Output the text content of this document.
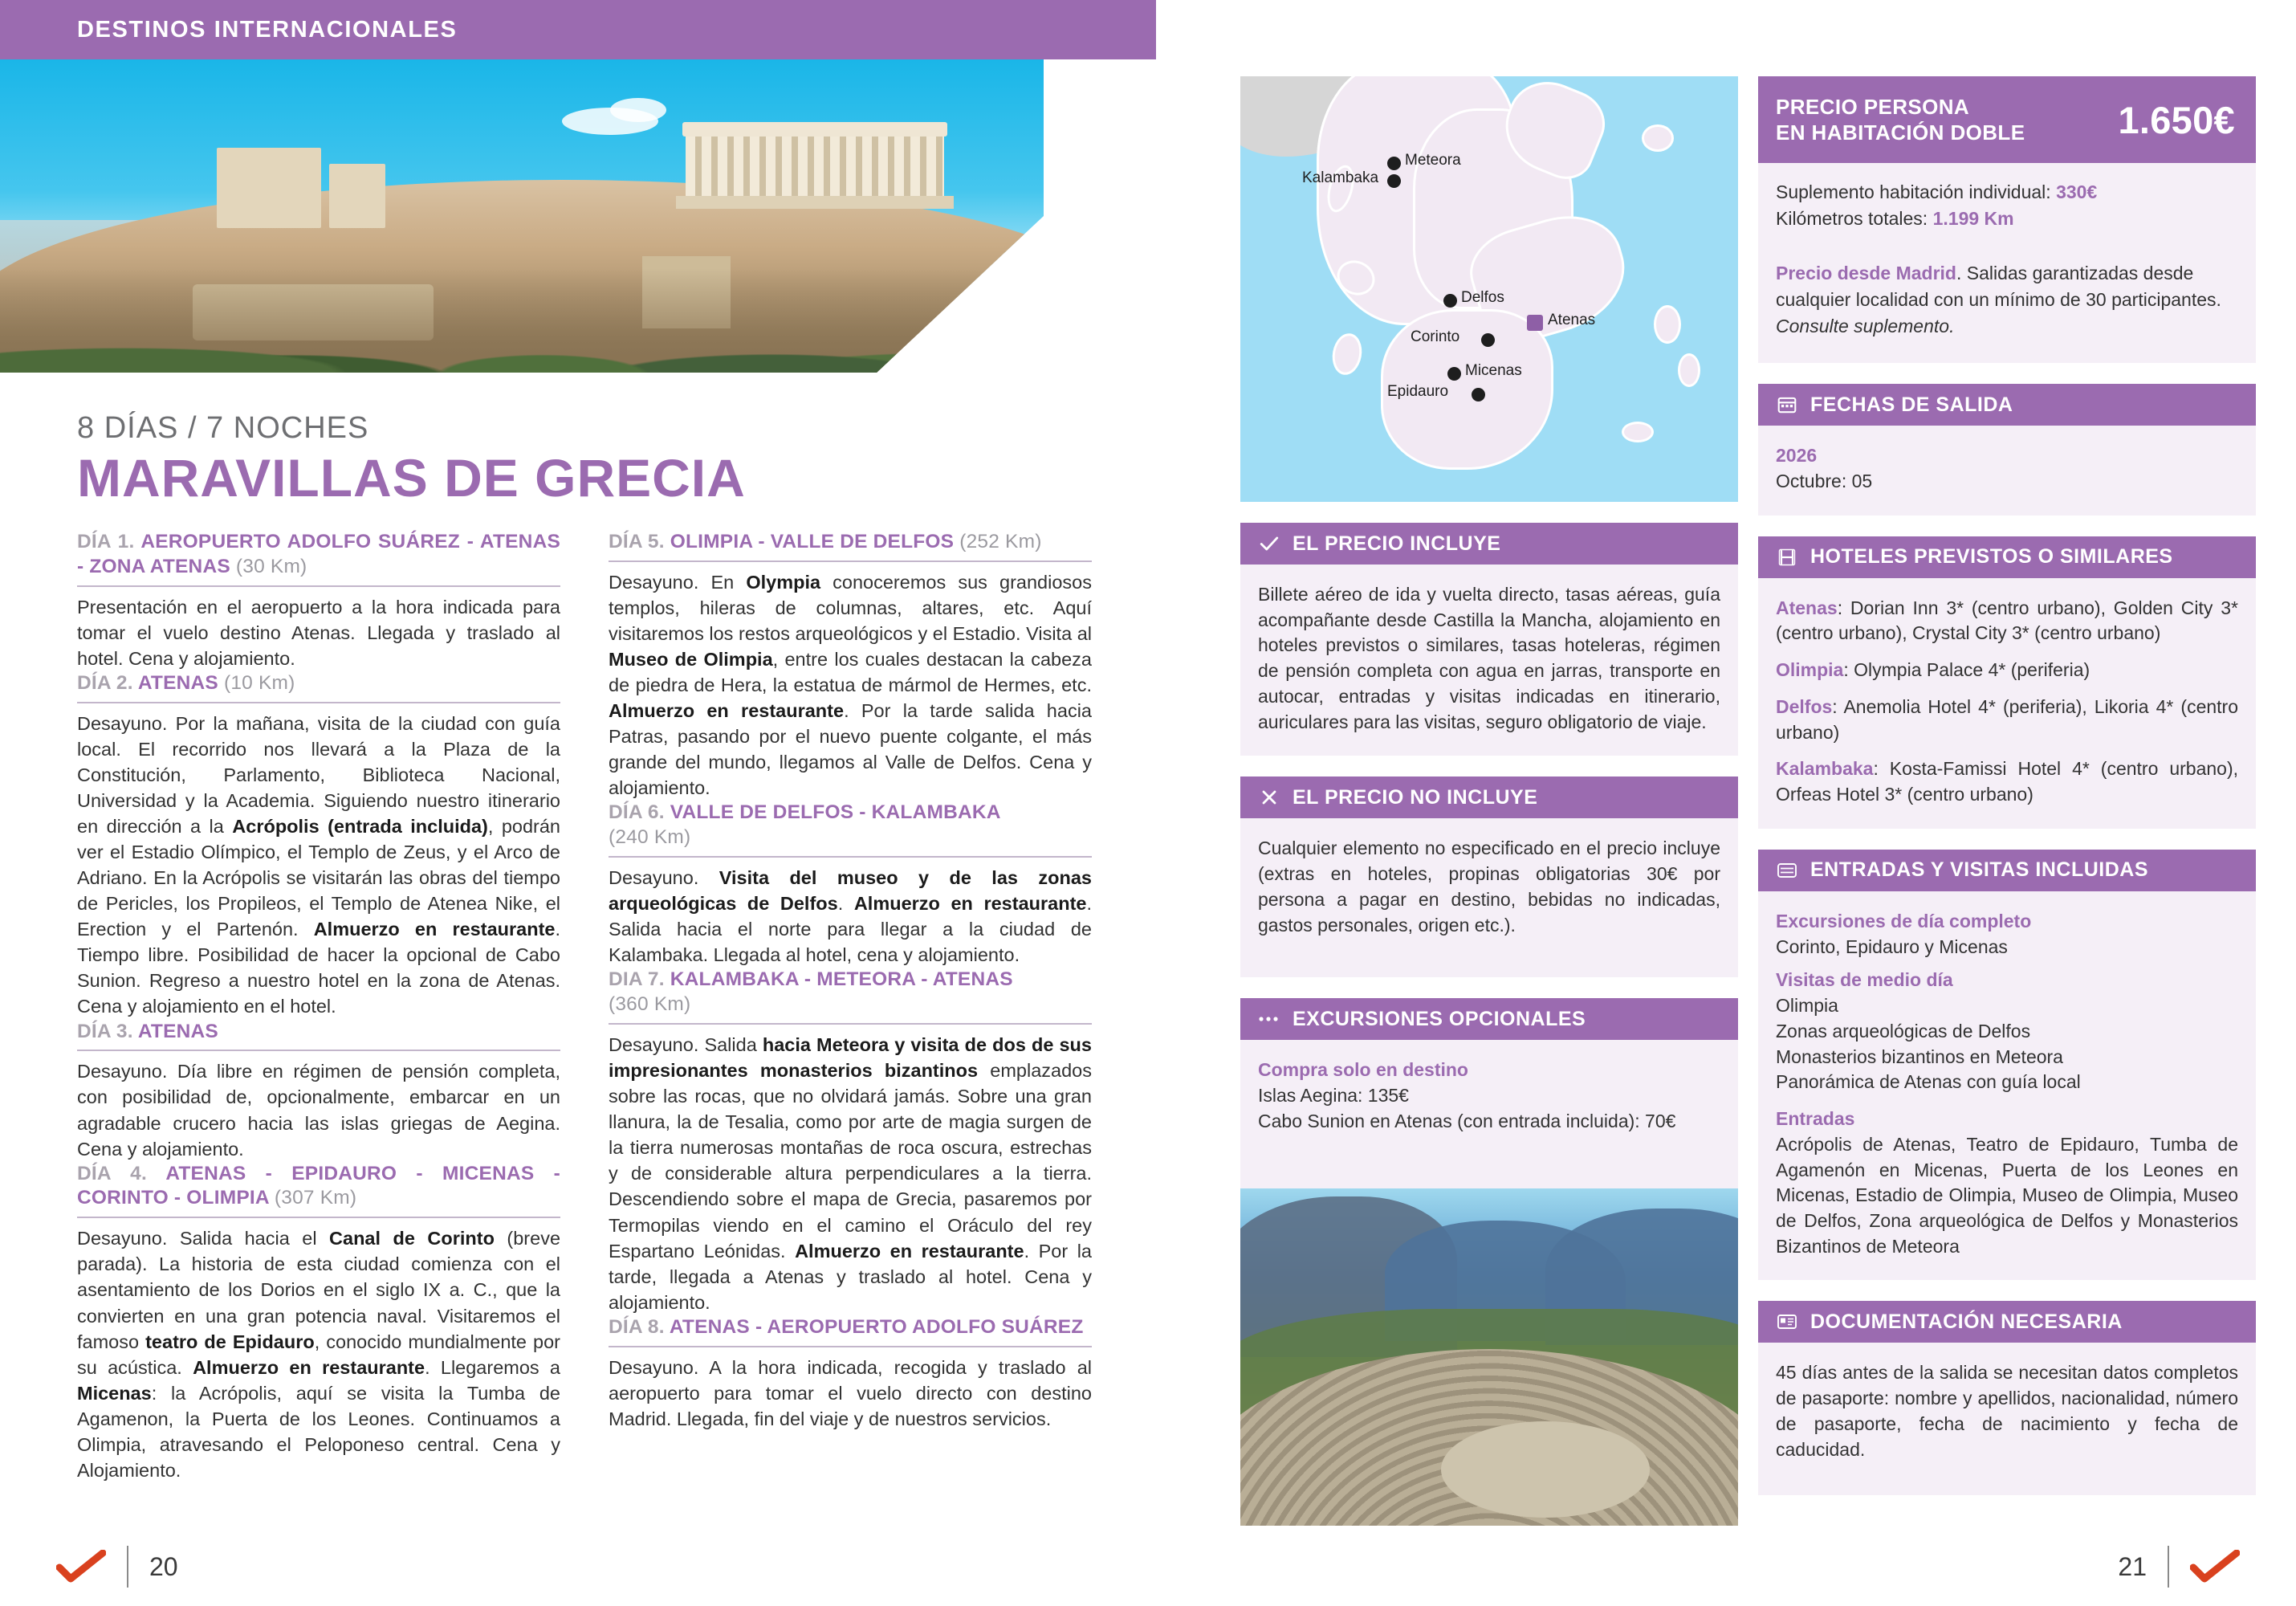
DESTINOS INTERNACIONALES
8 DÍAS / 7 NOCHES
MARAVILLAS DE GRECIA
DÍA 1. AEROPUERTO ADOLFO SUÁREZ - ATENAS - ZONA ATENAS (30 Km)
Presentación en el aeropuerto a la hora indicada para tomar el vuelo destino Atenas. Llegada y traslado al hotel. Cena y alojamiento.
DÍA 2. ATENAS (10 Km)
Desayuno. Por la mañana, visita de la ciudad con guía local. El recorrido nos llevará a la Plaza de la Constitución, Parlamento, Biblioteca Nacional, Universidad y la Academia. Siguiendo nuestro itinerario en dirección a la Acrópolis (entrada incluida), podrán ver el Estadio Olímpico, el Templo de Zeus, y el Arco de Adriano. En la Acrópolis se visitarán las obras del tiempo de Pericles, los Propileos, el Templo de Atenea Nike, el Erection y el Partenón. Almuerzo en restaurante. Tiempo libre. Posibilidad de hacer la opcional de Cabo Sunion. Regreso a nuestro hotel en la zona de Atenas. Cena y alojamiento en el hotel.
DÍA 3. ATENAS
Desayuno. Día libre en régimen de pensión completa, con posibilidad de, opcionalmente, embarcar en un agradable crucero hacia las islas griegas de Aegina. Cena y alojamiento.
DÍA 4. ATENAS - EPIDAURO - MICENAS - CORINTO - OLIMPIA (307 Km)
Desayuno. Salida hacia el Canal de Corinto (breve parada). La historia de esta ciudad comienza con el asentamiento de los Dorios en el siglo IX a. C., que la convierten en una gran potencia naval. Visitaremos el famoso teatro de Epidauro, conocido mundialmente por su acústica. Almuerzo en restaurante. Llegaremos a Micenas: la Acrópolis, aquí se visita la Tumba de Agamenon, la Puerta de los Leones. Continuamos a Olimpia, atravesando el Peloponeso central. Cena y Alojamiento.
DÍA 5. OLIMPIA - VALLE DE DELFOS (252 Km)
Desayuno. En Olympia conoceremos sus grandiosos templos, hileras de columnas, altares, etc. Aquí visitaremos los restos arqueológicos y el Estadio. Visita al Museo de Olimpia, entre los cuales destacan la cabeza de piedra de Hera, la estatua de mármol de Hermes, etc. Almuerzo en restaurante. Por la tarde salida hacia Patras, pasando por el nuevo puente colgante, el más grande del mundo, llegamos al Valle de Delfos. Cena y alojamiento.
DÍA 6. VALLE DE DELFOS - KALAMBAKA
(240 Km)
Desayuno. Visita del museo y de las zonas arqueológicas de Delfos. Almuerzo en restaurante. Salida hacia el norte para llegar a la ciudad de Kalambaka. Llegada al hotel, cena y alojamiento.
DIA 7. KALAMBAKA - METEORA - ATENAS
(360 Km)
Desayuno. Salida hacia Meteora y visita de dos de sus impresionantes monasterios bizantinos emplazados sobre las rocas, que no olvidará jamás. Sobre una gran llanura, la de Tesalia, como por arte de magia surgen de la tierra numerosas montañas de roca oscura, estrechas y de considerable altura perpendiculares a la tierra. Descendiendo sobre el mapa de Grecia, pasaremos por Termopilas viendo en el camino el Oráculo del rey Espartano Leónidas. Almuerzo en restaurante. Por la tarde, llegada a Atenas y traslado al hotel. Cena y alojamiento.
DÍA 8. ATENAS - AEROPUERTO ADOLFO SUÁREZ
Desayuno. A la hora indicada, recogida y traslado al aeropuerto para tomar el vuelo directo con destino Madrid. Llegada, fin del viaje y de nuestros servicios.
Meteora
Kalambaka
Delfos
Atenas
Corinto
Micenas
Epidauro
EL PRECIO INCLUYE
Billete aéreo de ida y vuelta directo, tasas aéreas, guía acompañante desde Castilla la Mancha, alojamiento en hoteles previstos o similares, tasas hoteleras, régimen de pensión completa con agua en jarras, transporte en autocar, entradas y visitas indicadas en itinerario, auriculares para las visitas, seguro obligatorio de viaje.
EL PRECIO NO INCLUYE
Cualquier elemento no especificado en el precio incluye (extras en hoteles, propinas obligatorias 30€ por persona a pagar en destino, bebidas no indicadas, gastos personales, origen etc.).
EXCURSIONES OPCIONALES
Compra solo en destino
Islas Aegina: 135€
Cabo Sunion en Atenas (con entrada incluida): 70€
PRECIO PERSONA
EN HABITACIÓN DOBLE 1.650€
Suplemento habitación individual: 330€
Kilómetros totales: 1.199 Km
Precio desde Madrid. Salidas garantizadas desde cualquier localidad con un mínimo de 30 participantes. Consulte suplemento.
FECHAS DE SALIDA
2026
Octubre: 05
HOTELES PREVISTOS O SIMILARES
Atenas: Dorian Inn 3* (centro urbano), Golden City 3* (centro urbano), Crystal City 3* (centro urbano)
Olimpia: Olympia Palace 4* (periferia)
Delfos: Anemolia Hotel 4* (periferia), Likoria 4* (centro urbano)
Kalambaka: Kosta-Famissi Hotel 4* (centro urbano), Orfeas Hotel 3* (centro urbano)
ENTRADAS Y VISITAS INCLUIDAS
Excursiones de día completo
Corinto, Epidauro y Micenas
Visitas de medio día
Olimpia
Zonas arqueológicas de Delfos
Monasterios bizantinos en Meteora
Panorámica de Atenas con guía local
Entradas
Acrópolis de Atenas, Teatro de Epidauro, Tumba de Agamenón en Micenas, Puerta de los Leones en Micenas, Estadio de Olimpia, Museo de Olimpia, Museo de Delfos, Zona arqueológica de Delfos y Monasterios Bizantinos de Meteora
DOCUMENTACIÓN NECESARIA
45 días antes de la salida se necesitan datos completos de pasaporte: nombre y apellidos, nacionalidad, número de pasaporte, fecha de nacimiento y fecha de caducidad.
20	21
